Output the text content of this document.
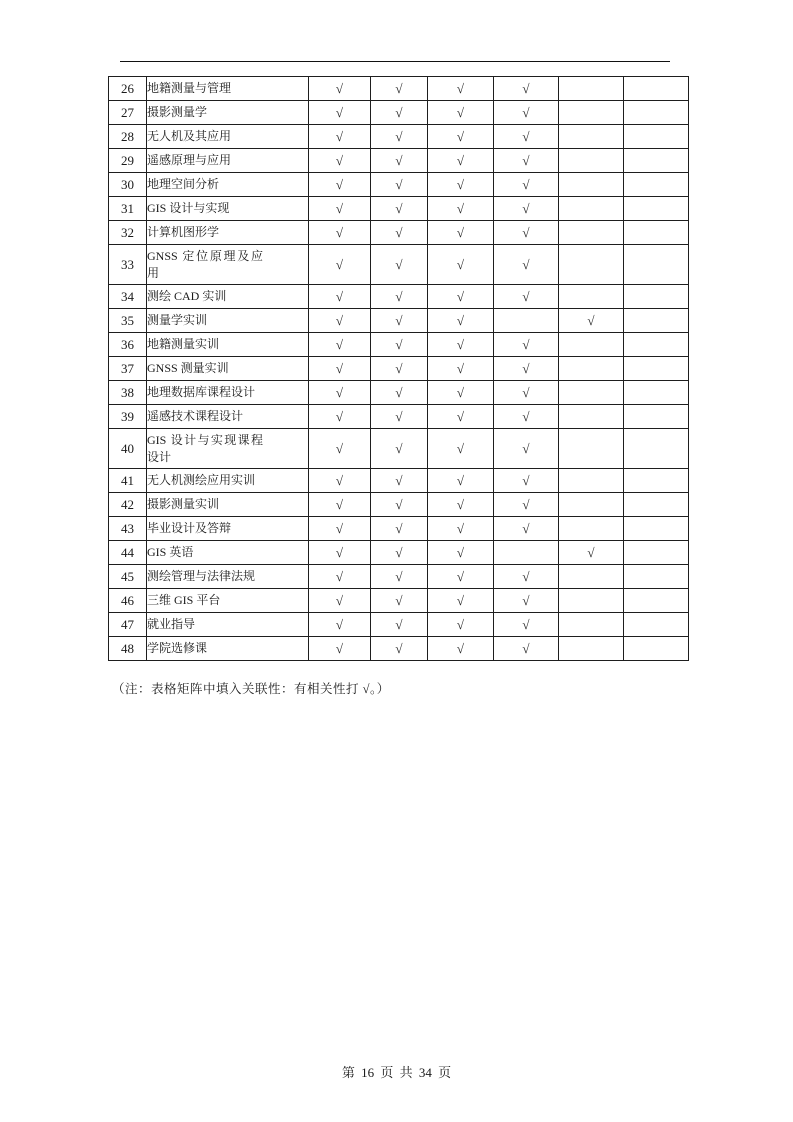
26	地籍测量与管理	√	√	√	√		
27	摄影测量学	√	√	√	√		
28	无人机及其应用	√	√	√	√		
29	遥感原理与应用	√	√	√	√		
30	地理空间分析	√	√	√	√		
31	GIS 设计与实现	√	√	√	√		
32	计算机图形学	√	√	√	√		
33	GNSS 定位原理及应用	√	√	√	√		
34	测绘 CAD 实训	√	√	√	√		
35	测量学实训	√	√	√		√	
36	地籍测量实训	√	√	√	√		
37	GNSS 测量实训	√	√	√	√		
38	地理数据库课程设计	√	√	√	√		
39	遥感技术课程设计	√	√	√	√		
40	GIS 设计与实现课程设计	√	√	√	√		
41	无人机测绘应用实训	√	√	√	√		
42	摄影测量实训	√	√	√	√		
43	毕业设计及答辩	√	√	√	√		
44	GIS 英语	√	√	√		√	
45	测绘管理与法律法规	√	√	√	√		
46	三维 GIS 平台	√	√	√	√		
47	就业指导	√	√	√	√		
48	学院选修课	√	√	√	√		
（注：表格矩阵中填入关联性：有相关性打 √。）
第 16 页 共 34 页
